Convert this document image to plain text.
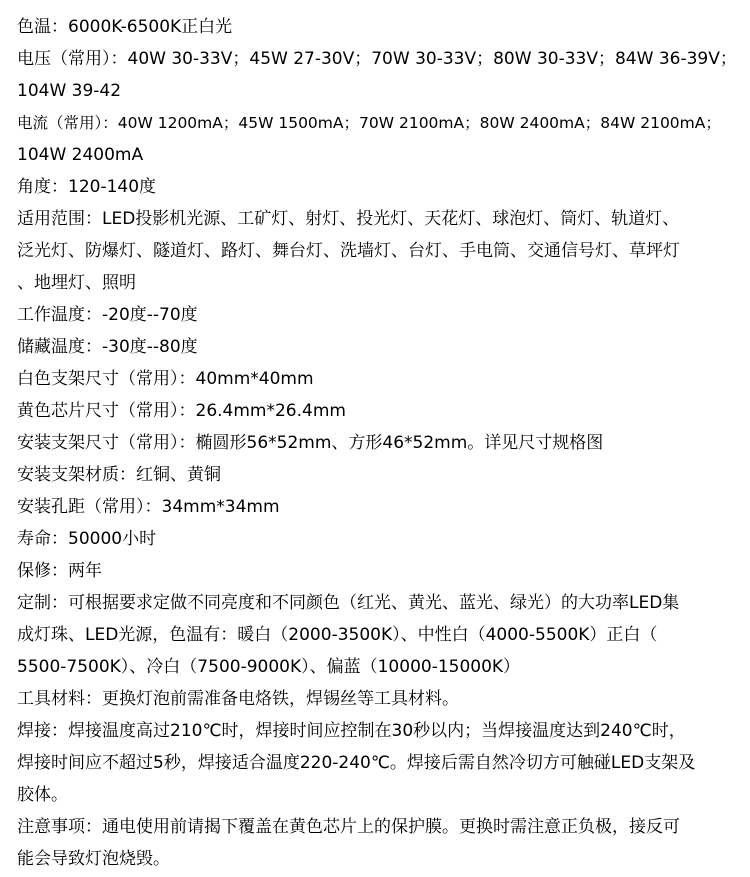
色温：6000K-6500K正白光
电压（常用）：40W 30-33V；45W 27-30V；70W 30-33V；80W 30-33V；84W 36-39V；
104W 39-42
电流（常用）：40W 1200mA；45W 1500mA；70W 2100mA；80W 2400mA；84W 2100mA；
104W 2400mA
角度：120-140度
适用范围：LED投影机光源、工矿灯、射灯、投光灯、天花灯、球泡灯、筒灯、轨道灯、
泛光灯、防爆灯、隧道灯、路灯、舞台灯、洗墙灯、台灯、手电筒、交通信号灯、草坪灯
、地埋灯、照明
工作温度：-20度--70度
储藏温度：-30度--80度
白色支架尺寸（常用）：40mm*40mm
黄色芯片尺寸（常用）：26.4mm*26.4mm
安装支架尺寸（常用）：椭圆形56*52mm、方形46*52mm。详见尺寸规格图
安装支架材质：红铜、黄铜
安装孔距（常用）：34mm*34mm
寿命：50000小时
保修：两年
定制：可根据要求定做不同亮度和不同颜色（红光、黄光、蓝光、绿光）的大功率LED集
成灯珠、LED光源，色温有：暖白（2000-3500K）、中性白（4000-5500K）正白（
5500-7500K）、冷白（7500-9000K）、偏蓝（10000-15000K）
工具材料：更换灯泡前需准备电烙铁，焊锡丝等工具材料。
焊接：焊接温度高过210℃时，焊接时间应控制在30秒以内；当焊接温度达到240℃时，
焊接时间应不超过5秒，焊接适合温度220-240℃。焊接后需自然冷切方可触碰LED支架及
胶体。
注意事项：通电使用前请揭下覆盖在黄色芯片上的保护膜。更换时需注意正负极，接反可
能会导致灯泡烧毁。
